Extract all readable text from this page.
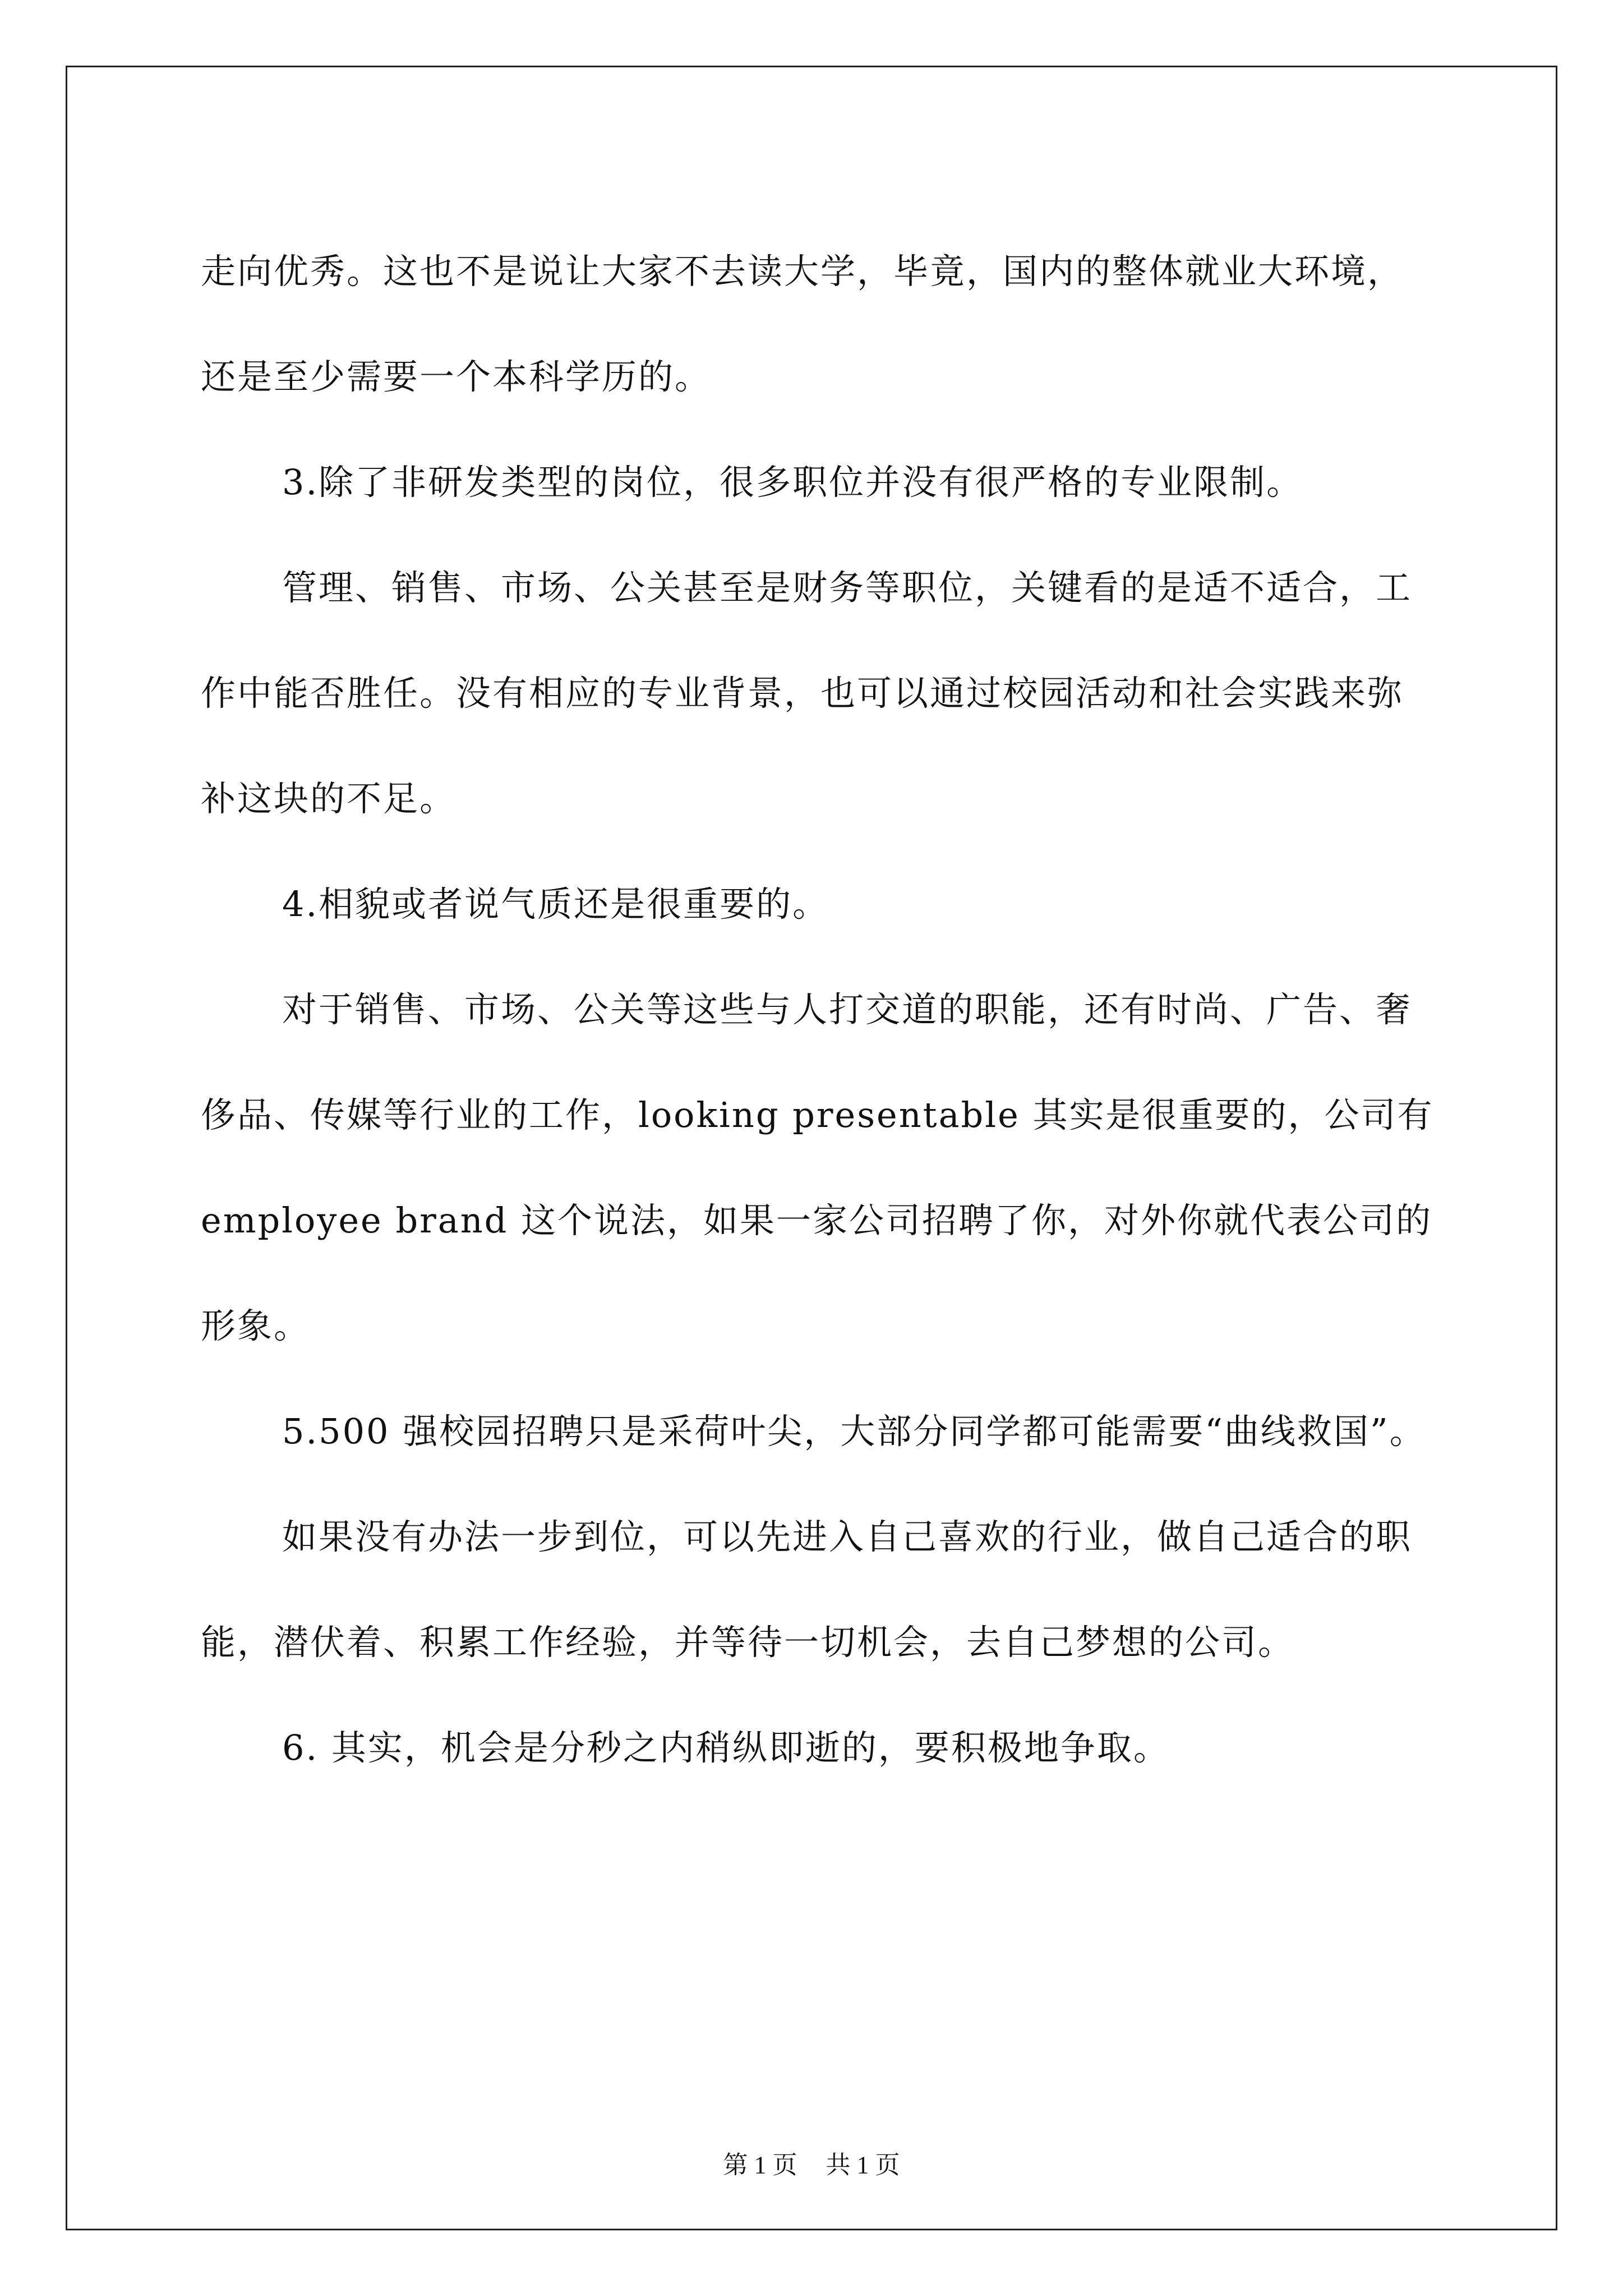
走向优秀。这也不是说让大家不去读大学，毕竟，国内的整体就业大环境，还是至少需要一个本科学历的。

3.除了非研发类型的岗位，很多职位并没有很严格的专业限制。

管理、销售、市场、公关甚至是财务等职位，关键看的是适不适合，工作中能否胜任。没有相应的专业背景，也可以通过校园活动和社会实践来弥补这块的不足。

4.相貌或者说气质还是很重要的。

对于销售、市场、公关等这些与人打交道的职能，还有时尚、广告、奢侈品、传媒等行业的工作，looking presentable 其实是很重要的，公司有 employee brand 这个说法，如果一家公司招聘了你，对外你就代表公司的形象。

5.500 强校园招聘只是采荷叶尖，大部分同学都可能需要“曲线救国”。

如果没有办法一步到位，可以先进入自己喜欢的行业，做自己适合的职能，潜伏着、积累工作经验，并等待一切机会，去自己梦想的公司。

6. 其实，机会是分秒之内稍纵即逝的，要积极地争取。

第 1 页 共 1 页
